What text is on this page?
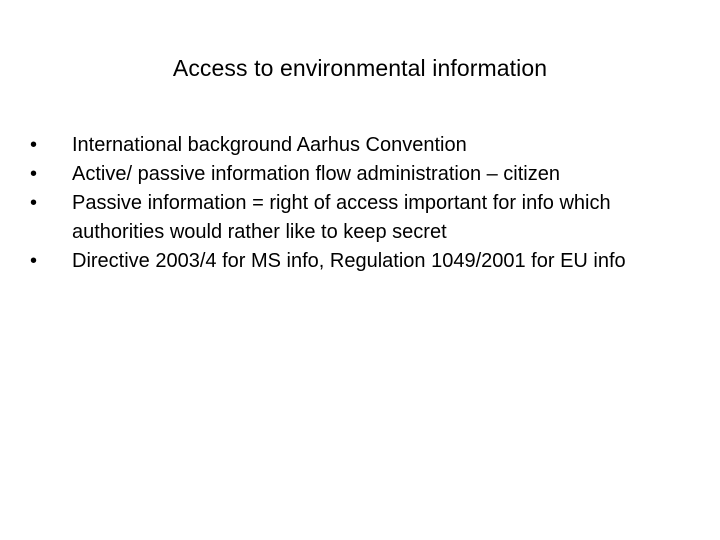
Access to environmental information
•	International background Aarhus Convention
•	Active/ passive information flow administration – citizen
•	Passive information = right of access important for info which authorities would rather like to keep secret
•	Directive 2003/4 for MS info, Regulation 1049/2001 for EU info
